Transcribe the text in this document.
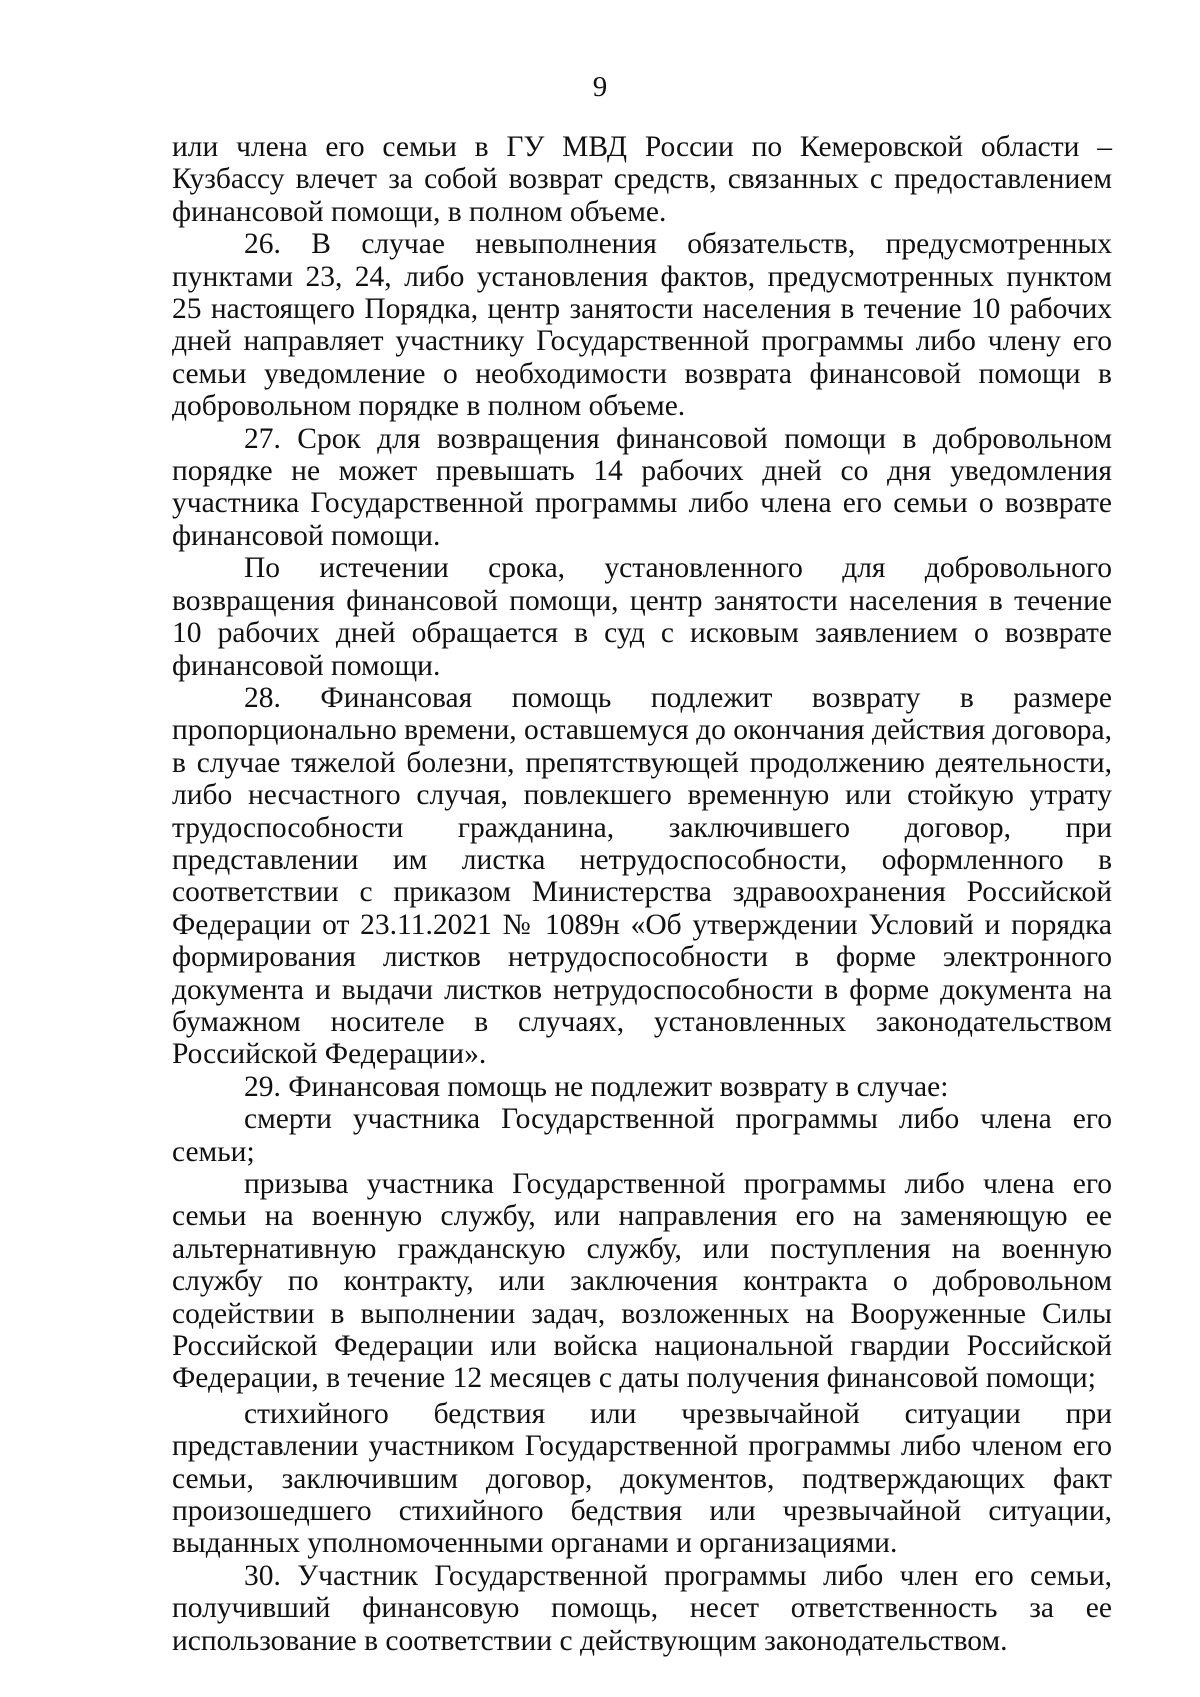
9

или члена его семьи в ГУ МВД России по Кемеровской области – Кузбассу влечет за собой возврат средств, связанных с предоставлением финансовой помощи, в полном объеме.

26. В случае невыполнения обязательств, предусмотренных пунктами 23, 24, либо установления фактов, предусмотренных пунктом 25 настоящего Порядка, центр занятости населения в течение 10 рабочих дней направляет участнику Государственной программы либо члену его семьи уведомление о необходимости возврата финансовой помощи в добровольном порядке в полном объеме.

27. Срок для возвращения финансовой помощи в добровольном порядке не может превышать 14 рабочих дней со дня уведомления участника Государственной программы либо члена его семьи о возврате финансовой помощи.

По истечении срока, установленного для добровольного возвращения финансовой помощи, центр занятости населения в течение 10 рабочих дней обращается в суд с исковым заявлением о возврате финансовой помощи.

28. Финансовая помощь подлежит возврату в размере пропорционально времени, оставшемуся до окончания действия договора, в случае тяжелой болезни, препятствующей продолжению деятельности, либо несчастного случая, повлекшего временную или стойкую утрату трудоспособности гражданина, заключившего договор, при представлении им листка нетрудоспособности, оформленного в соответствии с приказом Министерства здравоохранения Российской Федерации от 23.11.2021 № 1089н «Об утверждении Условий и порядка формирования листков нетрудоспособности в форме электронного документа и выдачи листков нетрудоспособности в форме документа на бумажном носителе в случаях, установленных законодательством Российской Федерации».

29. Финансовая помощь не подлежит возврату в случае:

смерти участника Государственной программы либо члена его семьи;

призыва участника Государственной программы либо члена его семьи на военную службу, или направления его на заменяющую ее альтернативную гражданскую службу, или поступления на военную службу по контракту, или заключения контракта о добровольном содействии в выполнении задач, возложенных на Вооруженные Силы Российской Федерации или войска национальной гвардии Российской Федерации, в течение 12 месяцев с даты получения финансовой помощи;

стихийного бедствия или чрезвычайной ситуации при представлении участником Государственной программы либо членом его семьи, заключившим договор, документов, подтверждающих факт произошедшего стихийного бедствия или чрезвычайной ситуации, выданных уполномоченными органами и организациями.

30. Участник Государственной программы либо член его семьи, получивший финансовую помощь, несет ответственность за ее использование в соответствии с действующим законодательством.
